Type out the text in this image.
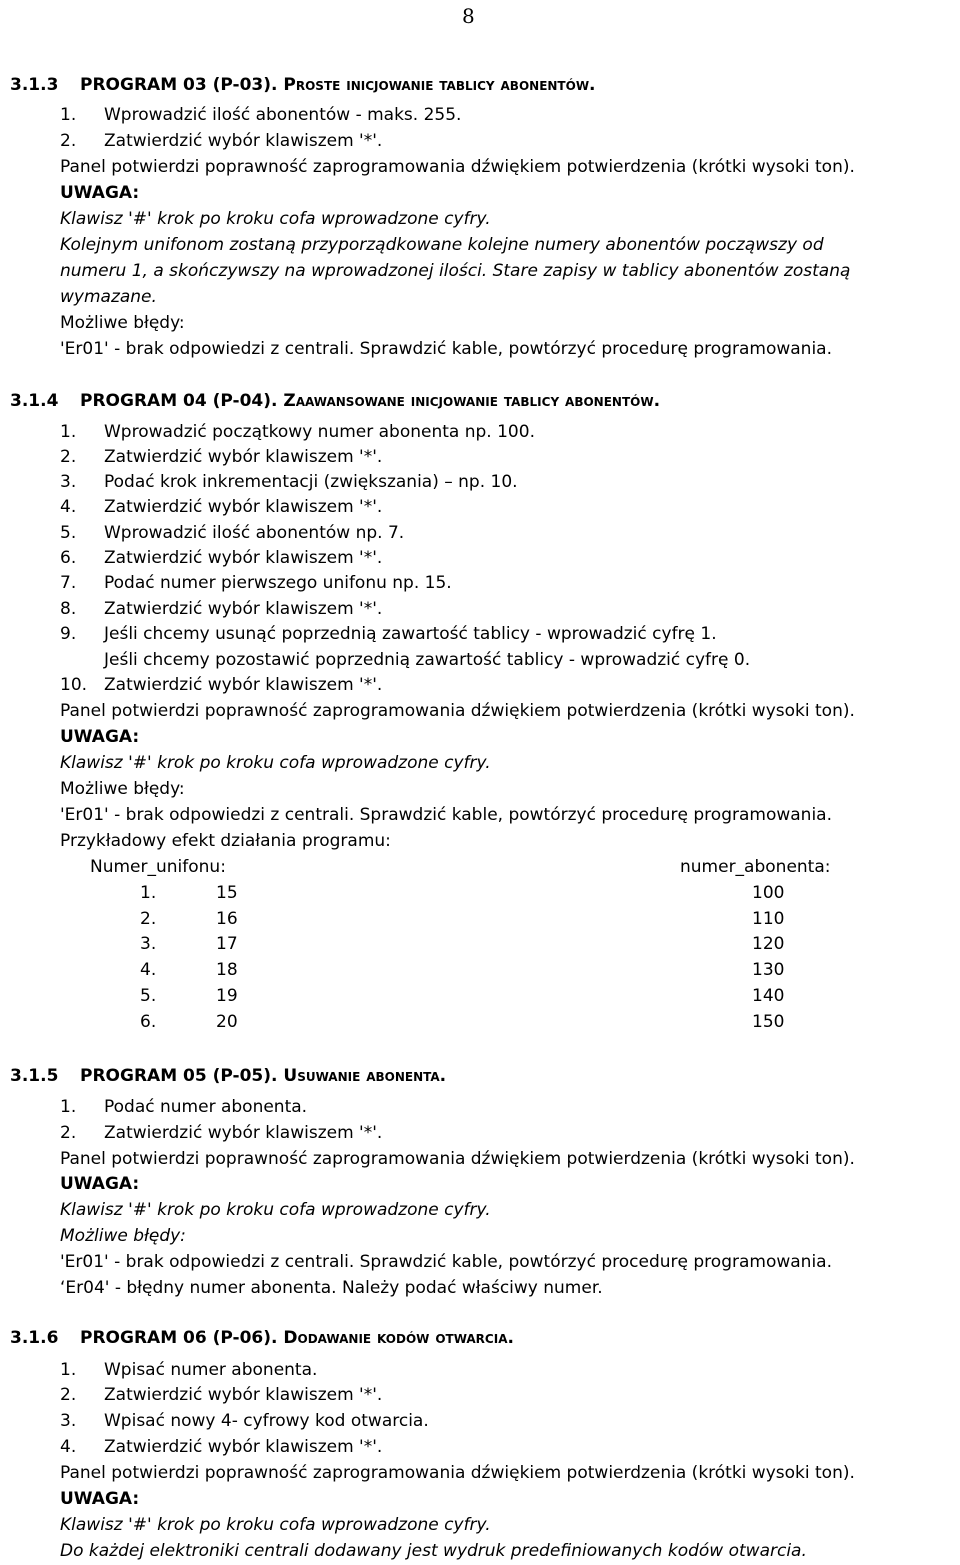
8
3.1.3 PROGRAM 03 (P-03). Proste inicjowanie tablicy abonentów.
1. Wprowadzić ilość abonentów - maks. 255.
2. Zatwierdzić wybór klawiszem '*'.
Panel potwierdzi poprawność zaprogramowania dźwiękiem potwierdzenia (krótki wysoki ton).
UWAGA:
Klawisz '#' krok po kroku cofa wprowadzone cyfry.
Kolejnym unifonom zostaną przyporządkowane kolejne numery abonentów począwszy od
numeru 1, a skończywszy na wprowadzonej ilości. Stare zapisy w tablicy abonentów zostaną
wymazane.
Możliwe błędy:
'Er01' - brak odpowiedzi z centrali. Sprawdzić kable, powtórzyć procedurę programowania.
3.1.4 PROGRAM 04 (P-04). Zaawansowane inicjowanie tablicy abonentów.
1. Wprowadzić początkowy numer abonenta np. 100.
2. Zatwierdzić wybór klawiszem '*'.
3. Podać krok inkrementacji (zwiększania) – np. 10.
4. Zatwierdzić wybór klawiszem '*'.
5. Wprowadzić ilość abonentów np. 7.
6. Zatwierdzić wybór klawiszem '*'.
7. Podać numer pierwszego unifonu np. 15.
8. Zatwierdzić wybór klawiszem '*'.
9. Jeśli chcemy usunąć poprzednią zawartość tablicy - wprowadzić cyfrę 1.
Jeśli chcemy pozostawić poprzednią zawartość tablicy - wprowadzić cyfrę 0.
10. Zatwierdzić wybór klawiszem '*'.
Panel potwierdzi poprawność zaprogramowania dźwiękiem potwierdzenia (krótki wysoki ton).
UWAGA:
Klawisz '#' krok po kroku cofa wprowadzone cyfry.
Możliwe błędy:
'Er01' - brak odpowiedzi z centrali. Sprawdzić kable, powtórzyć procedurę programowania.
Przykładowy efekt działania programu:
Numer_unifonu:	numer_abonenta:
1.	15	100
2.	16	110
3.	17	120
4.	18	130
5.	19	140
6.	20	150
3.1.5 PROGRAM 05 (P-05). Usuwanie abonenta.
1. Podać numer abonenta.
2. Zatwierdzić wybór klawiszem '*'.
Panel potwierdzi poprawność zaprogramowania dźwiękiem potwierdzenia (krótki wysoki ton).
UWAGA:
Klawisz '#' krok po kroku cofa wprowadzone cyfry.
Możliwe błędy:
'Er01' - brak odpowiedzi z centrali. Sprawdzić kable, powtórzyć procedurę programowania.
‘Er04' - błędny numer abonenta. Należy podać właściwy numer.
3.1.6 PROGRAM 06 (P-06). Dodawanie kodów otwarcia.
1. Wpisać numer abonenta.
2. Zatwierdzić wybór klawiszem '*'.
3. Wpisać nowy 4- cyfrowy kod otwarcia.
4. Zatwierdzić wybór klawiszem '*'.
Panel potwierdzi poprawność zaprogramowania dźwiękiem potwierdzenia (krótki wysoki ton).
UWAGA:
Klawisz '#' krok po kroku cofa wprowadzone cyfry.
Do każdej elektroniki centrali dodawany jest wydruk predefiniowanych kodów otwarcia.
